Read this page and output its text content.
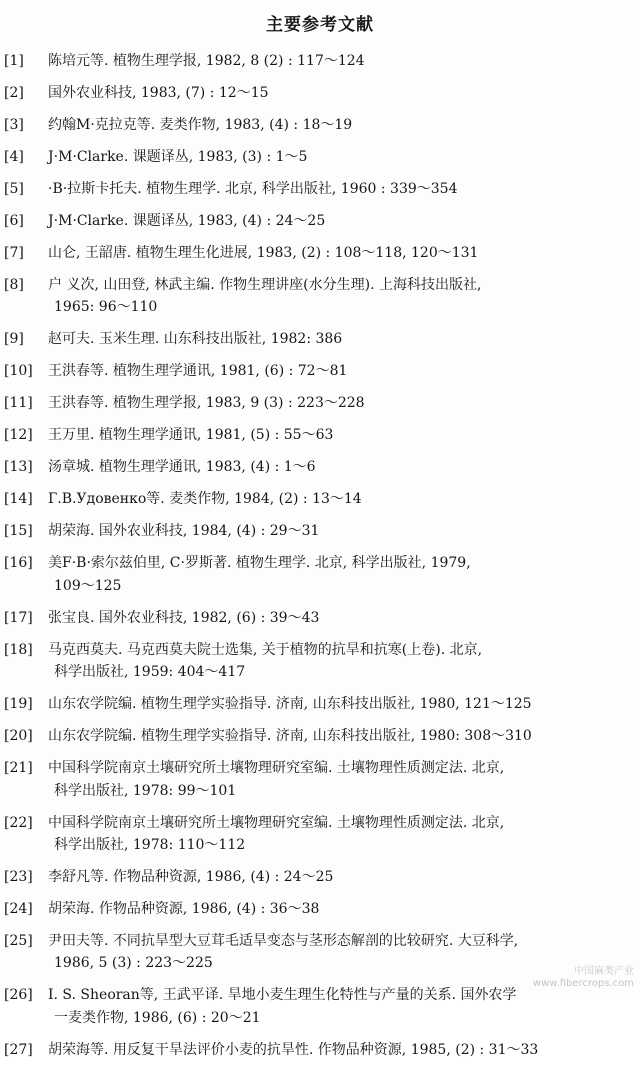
主要参考文献
[1]	陈培元等. 植物生理学报, 1982, 8 (2) : 117～124
[2]	国外农业科技, 1983, (7) : 12～15
[3]	约翰M·克拉克等. 麦类作物, 1983, (4) : 18～19
[4]	J·M·Clarke. 课题译丛, 1983, (3) : 1～5
[5]	·B·拉斯卡托夫. 植物生理学. 北京, 科学出版社, 1960 : 339～354
[6]	J·M·Clarke. 课题译丛, 1983, (4) : 24～25
[7]	山仑, 王韶唐. 植物生理生化进展, 1983, (2) : 108～118, 120～131
[8]	户 义次, 山田登, 林武主编. 作物生理讲座(水分生理). 上海科技出版社,
1965: 96～110
[9]	赵可夫. 玉米生理. 山东科技出版社, 1982: 386
[10]	王洪春等. 植物生理学通讯, 1981, (6) : 72～81
[11]	王洪春等. 植物生理学报, 1983, 9 (3) : 223～228
[12]	王万里. 植物生理学通讯, 1981, (5) : 55～63
[13]	汤章城. 植物生理学通讯, 1983, (4) : 1～6
[14]	Г.В.Удовенко等. 麦类作物, 1984, (2) : 13～14
[15]	胡荣海. 国外农业科技, 1984, (4) : 29～31
[16]	美F·B·索尔兹伯里, C·罗斯著. 植物生理学. 北京, 科学出版社, 1979,
109～125
[17]	张宝良. 国外农业科技, 1982, (6) : 39～43
[18]	马克西莫夫. 马克西莫夫院士选集, 关于植物的抗旱和抗寒(上卷). 北京,
科学出版社, 1959: 404～417
[19]	山东农学院编. 植物生理学实验指导. 济南, 山东科技出版社, 1980, 121～125
[20]	山东农学院编. 植物生理学实验指导. 济南, 山东科技出版社, 1980: 308～310
[21]	中国科学院南京土壤研究所土壤物理研究室编. 土壤物理性质测定法. 北京,
科学出版社, 1978: 99～101
[22]	中国科学院南京土壤研究所土壤物理研究室编. 土壤物理性质测定法. 北京,
科学出版社, 1978: 110～112
[23]	李舒凡等. 作物品种资源, 1986, (4) : 24～25
[24]	胡荣海. 作物品种资源, 1986, (4) : 36～38
[25]	尹田夫等. 不同抗旱型大豆茸毛适旱变态与茎形态解剖的比较研究. 大豆科学,
1986, 5 (3) : 223～225
[26]	I. S. Sheoran等, 王武平译. 旱地小麦生理生化特性与产量的关系. 国外农学
一麦类作物, 1986, (6) : 20～21
[27]	胡荣海等. 用反复干旱法评价小麦的抗旱性. 作物品种资源, 1985, (2) : 31～33
中国麻类产业
www.fibercrops.com
